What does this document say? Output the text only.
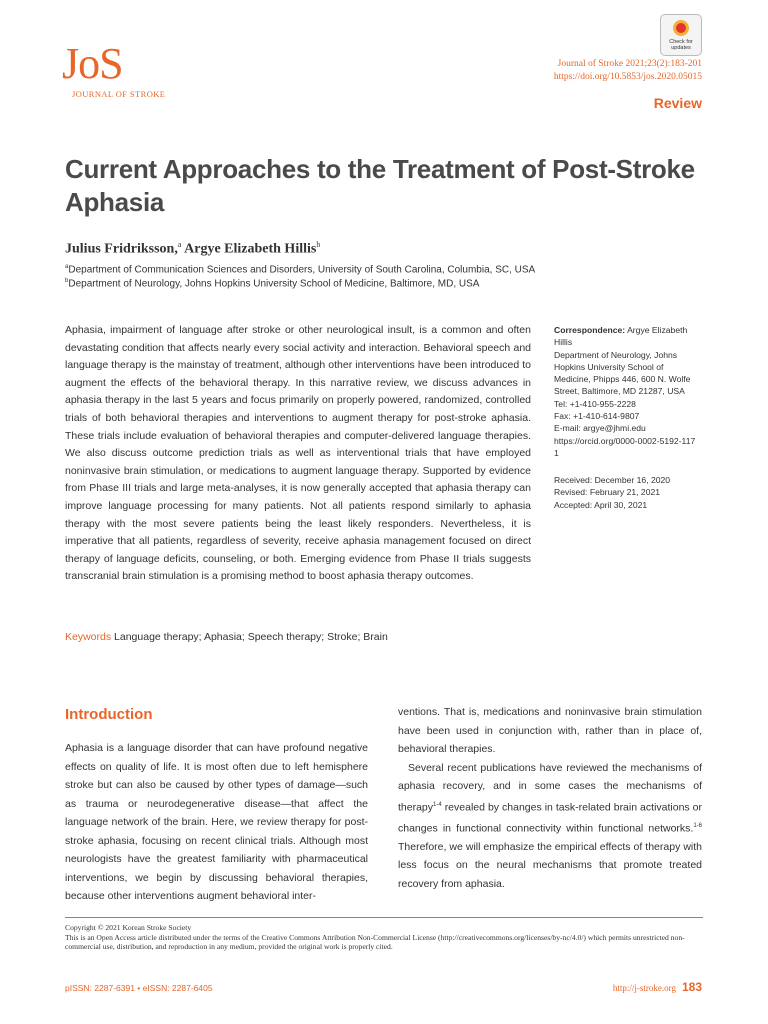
JoS
JOURNAL OF STROKE
Check for updates
Journal of Stroke 2021;23(2):183-201
https://doi.org/10.5853/jos.2020.05015
Review
Current Approaches to the Treatment of Post-Stroke Aphasia
Julius Fridriksson,$^a$ Argye Elizabeth Hillis$^b$
$^a$Department of Communication Sciences and Disorders, University of South Carolina, Columbia, SC, USA
$^b$Department of Neurology, Johns Hopkins University School of Medicine, Baltimore, MD, USA

Aphasia, impairment of language after stroke or other neurological insult, is a common and often devastating condition that affects nearly every social activity and interaction. Behavioral speech and language therapy is the mainstay of treatment, although other interventions have been introduced to augment the effects of the behavioral therapy. In this narrative review, we discuss advances in aphasia therapy in the last 5 years and focus primarily on properly powered, randomized, controlled trials of both behavioral therapies and interventions to augment therapy for post-stroke aphasia. These trials include evaluation of behavioral therapies and computer-delivered language therapies. We also discuss outcome prediction trials as well as interventional trials that have employed noninvasive brain stimulation, or medications to augment language therapy. Supported by evidence from Phase III trials and large meta-analyses, it is now generally accepted that aphasia therapy can improve language processing for many patients. Not all patients respond similarly to aphasia therapy with the most severe patients being the least likely responders. Nevertheless, it is imperative that all patients, regardless of severity, receive aphasia management focused on direct therapy of language deficits, counseling, or both. Emerging evidence from Phase II trials suggests transcranial brain stimulation is a promising method to boost aphasia therapy outcomes.

Correspondence: Argye Elizabeth Hillis
Department of Neurology, Johns Hopkins University School of Medicine, Phipps 446, 600 N. Wolfe Street, Baltimore, MD 21287, USA
Tel: +1-410-955-2228
Fax: +1-410-614-9807
E-mail: argye@jhmi.edu
https://orcid.org/0000-0002-5192-1171
Received: December 16, 2020
Revised: February 21, 2021
Accepted: April 30, 2021
Keywords Language therapy; Aphasia; Speech therapy; Stroke; Brain
Introduction

Aphasia is a language disorder that can have profound negative effects on quality of life. It is most often due to left hemisphere stroke but can also be caused by other types of damage—such as trauma or neurodegenerative disease—that affect the language network of the brain. Here, we review therapy for post-stroke aphasia, focusing on recent clinical trials. Although most neurologists have the greatest familiarity with pharmaceutical interventions, we begin by discussing behavioral therapies, because other interventions augment behavioral inter-

ventions. That is, medications and noninvasive brain stimulation have been used in conjunction with, rather than in place of, behavioral therapies.

Several recent publications have reviewed the mechanisms of aphasia recovery, and in some cases the mechanisms of therapy$^{1-4}$ revealed by changes in task-related brain activations or changes in functional connectivity within functional networks.$^{1-6}$ Therefore, we will emphasize the empirical effects of therapy with less focus on the neural mechanisms that promote treated recovery from aphasia.

Copyright © 2021 Korean Stroke Society
This is an Open Access article distributed under the terms of the Creative Commons Attribution Non-Commercial License (http://creativecommons.org/licenses/by-nc/4.0/) which permits unrestricted non-commercial use, distribution, and reproduction in any medium, provided the original work is properly cited.
pISSN: 2287-6391 • eISSN: 2287-6405	http://j-stroke.org 183
